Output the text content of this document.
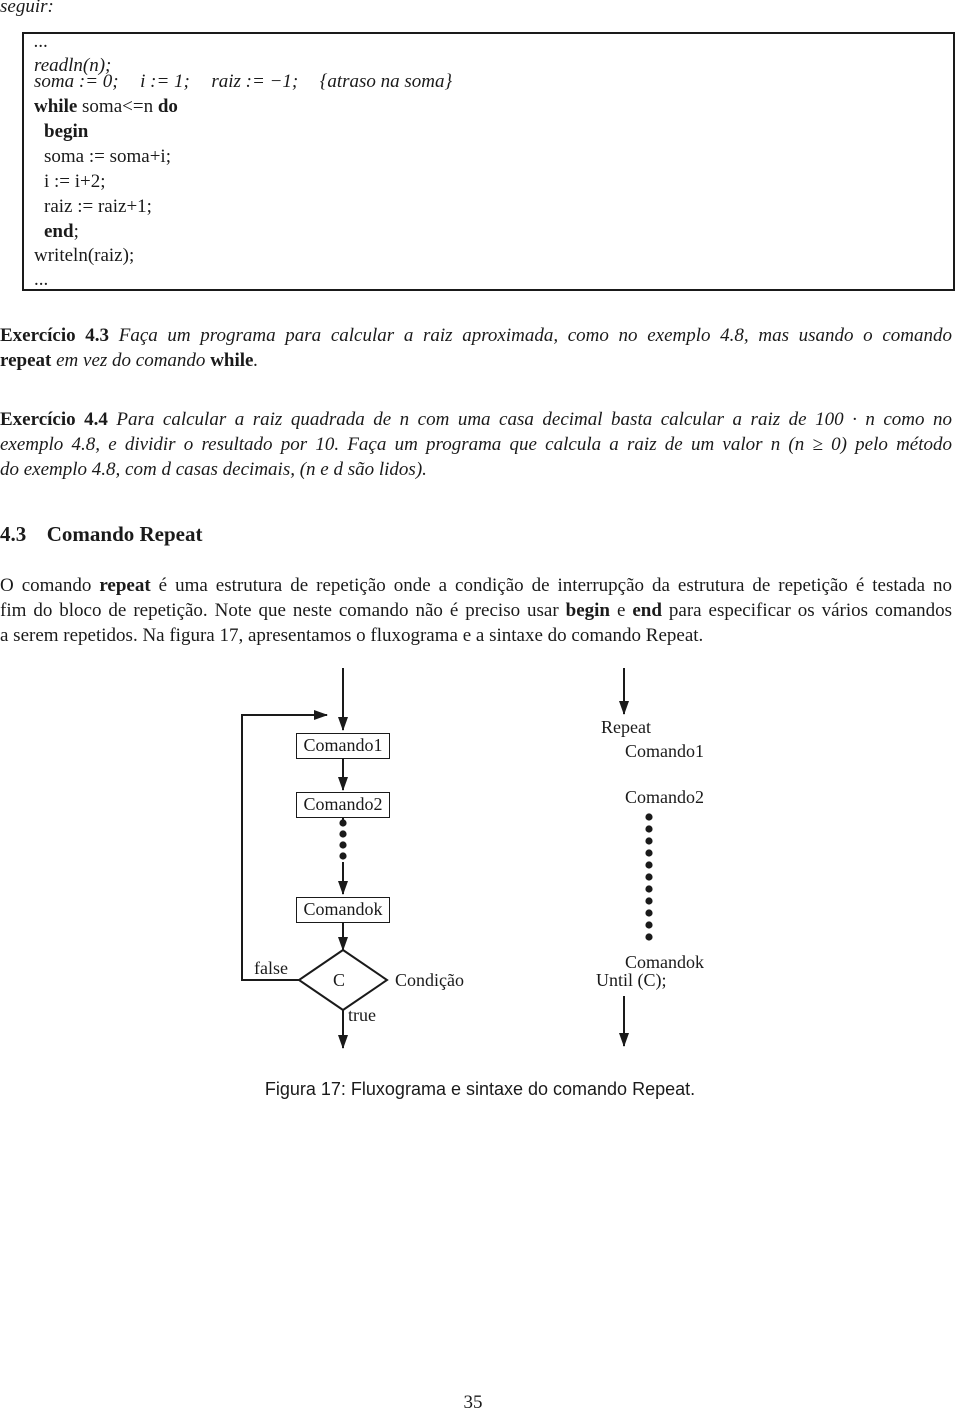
seguir:
...
readln(n);
soma := 0; i := 1; raiz := −1; {atraso na soma}
while soma<=n do
begin
soma := soma+i;
i := i+2;
raiz := raiz+1;
end;
writeln(raiz);
...
Exercício 4.3 Faça um programa para calcular a raiz aproximada, como no exemplo 4.8, mas usando o comando
repeat em vez do comando while.
Exercício 4.4 Para calcular a raiz quadrada de n com uma casa decimal basta calcular a raiz de 100 · n como no
exemplo 4.8, e dividir o resultado por 10. Faça um programa que calcula a raiz de um valor n (n ≥ 0) pelo método
do exemplo 4.8, com d casas decimais, (n e d são lidos).
4.3 Comando Repeat
O comando repeat é uma estrutura de repetição onde a condição de interrupção da estrutura de repetição é testada no
fim do bloco de repetição. Note que neste comando não é preciso usar begin e end para especificar os vários comandos
a serem repetidos. Na figura 17, apresentamos o fluxograma e a sintaxe do comando Repeat.
Comando1
Comando2
Comandok
C	Condição
false
true
Repeat
Comando1
Comando2
Comandok
Until (C);
Figura 17: Fluxograma e sintaxe do comando Repeat.
35
